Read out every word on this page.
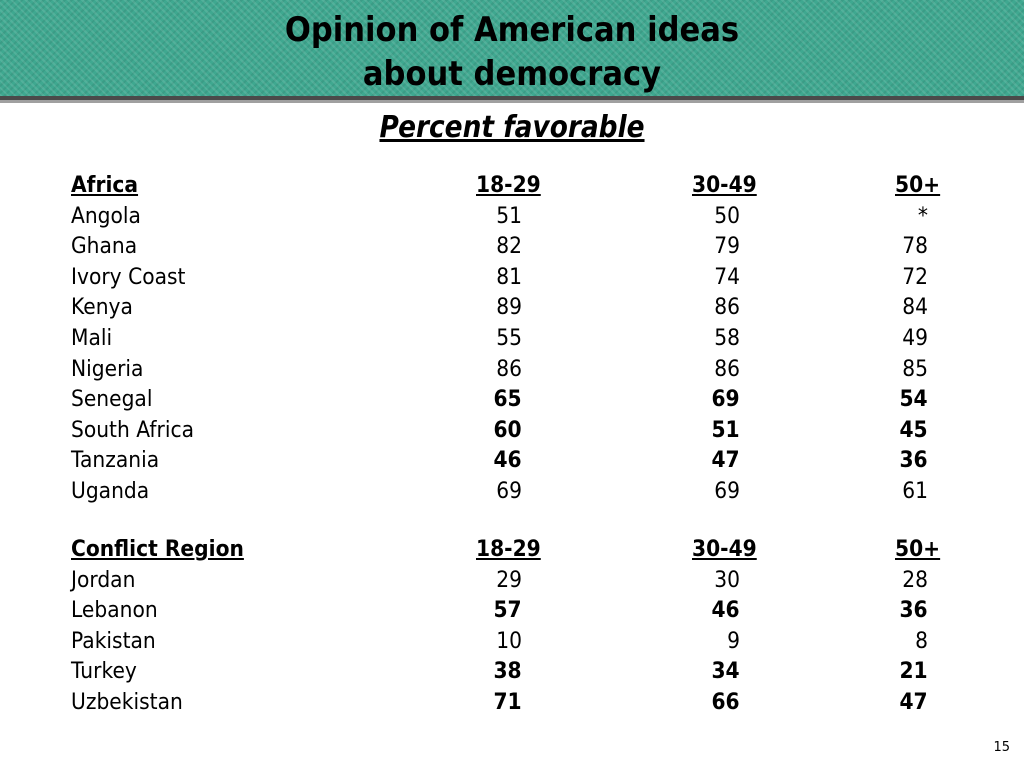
Opinion of American ideas
about democracy
Percent favorable
Africa	18-29	30-49	50+
Angola	51	50	*
Ghana	82	79	78
Ivory Coast	81	74	72
Kenya	89	86	84
Mali	55	58	49
Nigeria	86	86	85
Senegal	65	69	54
South Africa	60	51	45
Tanzania	46	47	36
Uganda	69	69	61
Conflict Region	18-29	30-49	50+
Jordan	29	30	28
Lebanon	57	46	36
Pakistan	10	9	8
Turkey	38	34	21
Uzbekistan	71	66	47
15
